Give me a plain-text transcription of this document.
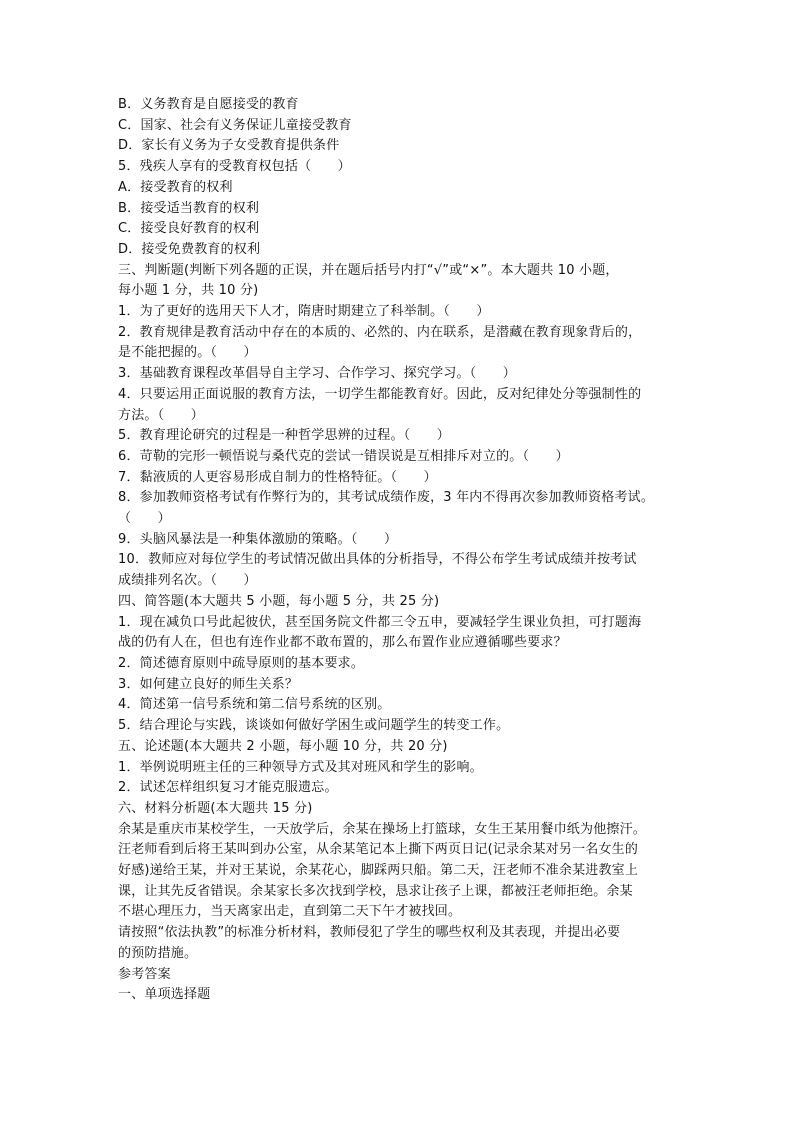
B．义务教育是自愿接受的教育

C．国家、社会有义务保证儿童接受教育

D．家长有义务为子女受教育提供条件

5．残疾人享有的受教育权包括（　　）

A．接受教育的权利

B．接受适当教育的权利

C．接受良好教育的权利

D．接受免费教育的权利

三、判断题(判断下列各题的正误，并在题后括号内打“√”或“×”。本大题共 10 小题，

每小题 1 分，共 10 分)

1．为了更好的选用天下人才，隋唐时期建立了科举制。（　　）

2．教育规律是教育活动中存在的本质的、必然的、内在联系，是潜藏在教育现象背后的，

是不能把握的。（　　）

3．基础教育课程改革倡导自主学习、合作学习、探究学习。（　　）

4．只要运用正面说服的教育方法，一切学生都能教育好。因此，反对纪律处分等强制性的

方法。（　　）

5．教育理论研究的过程是一种哲学思辨的过程。（　　）

6．苛勒的完形一顿悟说与桑代克的尝试一错误说是互相排斥对立的。（　　）

7．黏液质的人更容易形成自制力的性格特征。（　　）

8．参加教师资格考试有作弊行为的，其考试成绩作废，3 年内不得再次参加教师资格考试。

（　　）

9．头脑风暴法是一种集体激励的策略。（　　）

10．教师应对每位学生的考试情况做出具体的分析指导，不得公布学生考试成绩并按考试

成绩排列名次。（　　）

四、简答题(本大题共 5 小题，每小题 5 分，共 25 分)

1．现在减负口号此起彼伏，甚至国务院文件都三令五申，要减轻学生课业负担，可打题海

战的仍有人在，但也有连作业都不敢布置的，那么布置作业应遵循哪些要求？

2．简述德育原则中疏导原则的基本要求。

3．如何建立良好的师生关系？

4．简述第一信号系统和第二信号系统的区别。

5．结合理论与实践，谈谈如何做好学困生或问题学生的转变工作。

五、论述题(本大题共 2 小题，每小题 10 分，共 20 分)

1．举例说明班主任的三种领导方式及其对班风和学生的影响。

2．试述怎样组织复习才能克服遗忘。

六、材料分析题(本大题共 15 分)

余某是重庆市某校学生，一天放学后，余某在操场上打篮球，女生王某用餐巾纸为他擦汗。

汪老师看到后将王某叫到办公室，从余某笔记本上撕下两页日记(记录余某对另一名女生的

好感)递给王某，并对王某说，余某花心，脚踩两只船。第二天，汪老师不准余某进教室上

课，让其先反省错误。余某家长多次找到学校，恳求让孩子上课，都被汪老师拒绝。余某

不堪心理压力，当天离家出走，直到第二天下午才被找回。

请按照“依法执教”的标准分析材料，教师侵犯了学生的哪些权利及其表现，并提出必要

的预防措施。

参考答案

一、单项选择题
